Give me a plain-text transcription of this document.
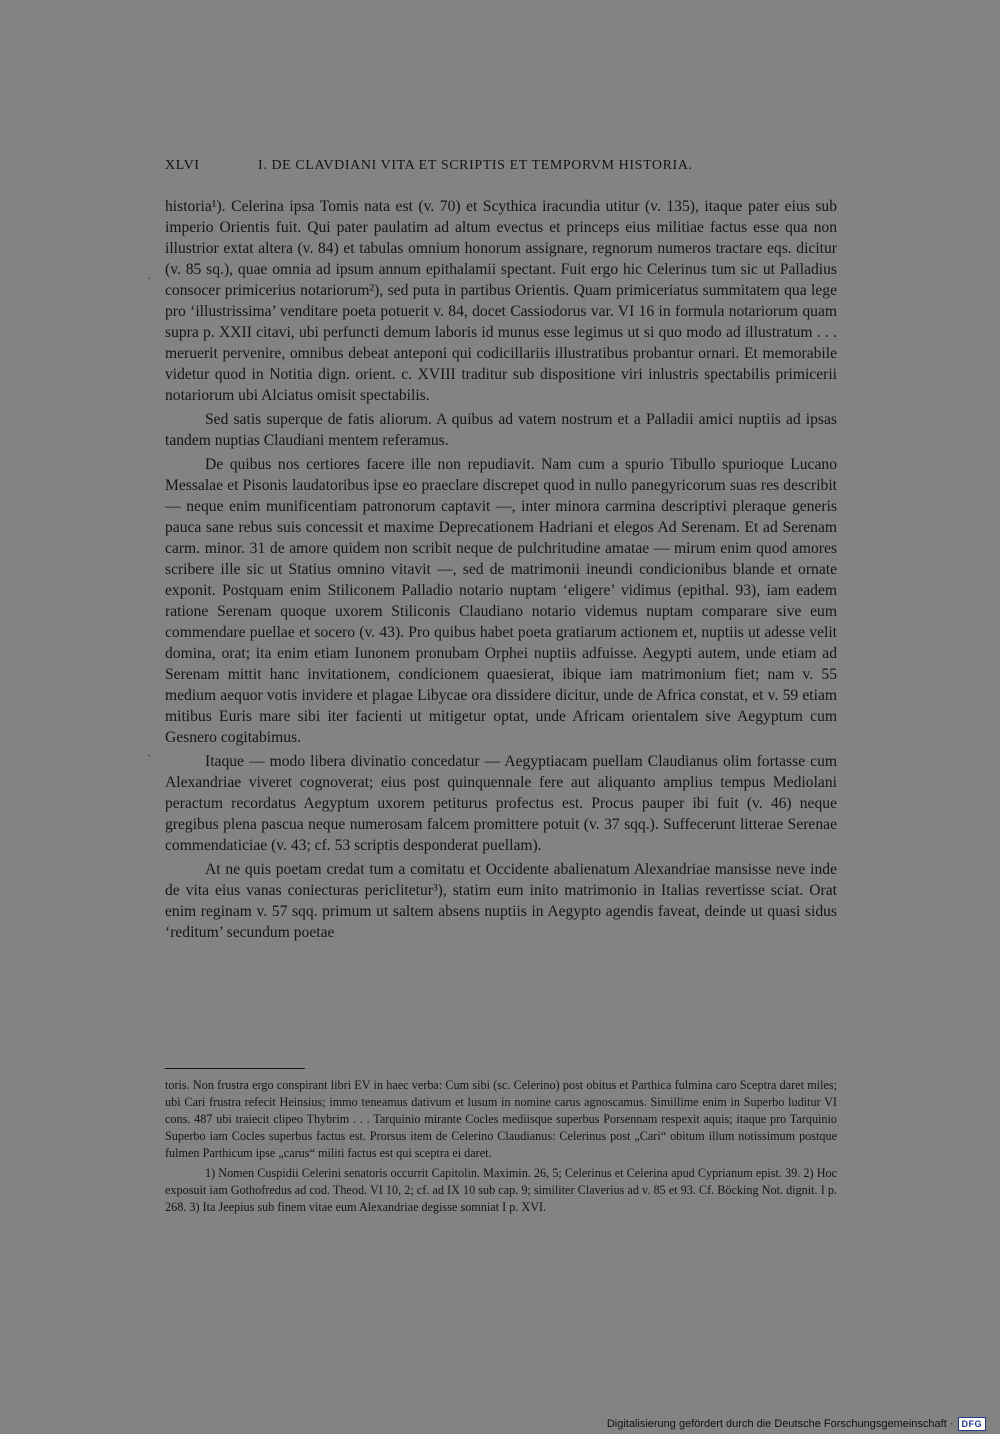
XLVI	I. DE CLAVDIANI VITA ET SCRIPTIS ET TEMPORVM HISTORIA.
ˎ
ˋ

historia¹). Celerina ipsa Tomis nata est (v. 70) et Scythica iracundia utitur (v. 135), itaque pater eius sub imperio Orientis fuit. Qui pater paulatim ad altum evectus et princeps eius militiae factus esse qua non illustrior extat altera (v. 84) et tabulas omnium honorum assignare, regnorum numeros tractare eqs. dicitur (v. 85 sq.), quae omnia ad ipsum annum epithalamii spectant. Fuit ergo hic Celerinus tum sic ut Palladius consocer primicerius notariorum²), sed puta in partibus Orientis. Quam primiceriatus summitatem qua lege pro ‘illustrissima’ venditare poeta potuerit v. 84, docet Cassiodorus var. VI 16 in formula notariorum quam supra p. XXII citavi, ubi perfuncti demum laboris id munus esse legimus ut si quo modo ad illustratum . . . meruerit pervenire, omnibus debeat anteponi qui codicillariis illustratibus probantur ornari. Et memorabile videtur quod in Notitia dign. orient. c. XVIII traditur sub dispositione viri inlustris spectabilis primicerii notariorum ubi Alciatus omisit spectabilis.

Sed satis superque de fatis aliorum. A quibus ad vatem nostrum et a Palladii amici nuptiis ad ipsas tandem nuptias Claudiani mentem referamus.

De quibus nos certiores facere ille non repudiavit. Nam cum a spurio Tibullo spurioque Lucano Messalae et Pisonis laudatoribus ipse eo praeclare discrepet quod in nullo panegyricorum suas res describit — neque enim munificentiam patronorum captavit —, inter minora carmina descriptivi pleraque generis pauca sane rebus suis concessit et maxime Deprecationem Hadriani et elegos Ad Serenam. Et ad Serenam carm. minor. 31 de amore quidem non scribit neque de pulchritudine amatae — mirum enim quod amores scribere ille sic ut Statius omnino vitavit —, sed de matrimonii ineundi condicionibus blande et ornate exponit. Postquam enim Stiliconem Palladio notario nuptam ‘eligere’ vidimus (epithal. 93), iam eadem ratione Serenam quoque uxorem Stiliconis Claudiano notario videmus nuptam comparare sive eum commendare puellae et socero (v. 43). Pro quibus habet poeta gratiarum actionem et, nuptiis ut adesse velit domina, orat; ita enim etiam Iunonem pronubam Orphei nuptiis adfuisse. Aegypti autem, unde etiam ad Serenam mittit hanc invitationem, condicionem quaesierat, ibique iam matrimonium fiet; nam v. 55 medium aequor votis invidere et plagae Libycae ora dissidere dicitur, unde de Africa constat, et v. 59 etiam mitibus Euris mare sibi iter facienti ut mitigetur optat, unde Africam orientalem sive Aegyptum cum Gesnero cogitabimus.

Itaque — modo libera divinatio concedatur — Aegyptiacam puellam Claudianus olim fortasse cum Alexandriae viveret cognoverat; eius post quinquennale fere aut aliquanto amplius tempus Mediolani peractum recordatus Aegyptum uxorem petiturus profectus est. Procus pauper ibi fuit (v. 46) neque gregibus plena pascua neque numerosam falcem promittere potuit (v. 37 sqq.). Suffecerunt litterae Serenae commendaticiae (v. 43; cf. 53 scriptis desponderat puellam).

At ne quis poetam credat tum a comitatu et Occidente abalienatum Alexandriae mansisse neve inde de vita eius vanas coniecturas periclitetur³), statim eum inito matrimonio in Italias revertisse sciat. Orat enim reginam v. 57 sqq. primum ut saltem absens nuptiis in Aegypto agendis faveat, deinde ut quasi sidus ‘reditum’ secundum poetae

toris. Non frustra ergo conspirant libri EV in haec verba: Cum sibi (sc. Celerino) post obitus et Parthica fulmina caro Sceptra daret miles; ubi Cari frustra refecit Heinsius; immo teneamus dativum et lusum in nomine carus agnoscamus. Simillime enim in Superbo luditur VI cons. 487 ubi traiecit clipeo Thybrim . . . Tarquinio mirante Cocles mediisque superbus Porsennam respexit aquis; itaque pro Tarquinio Superbo iam Cocles superbus factus est. Prorsus item de Celerino Claudianus: Celerinus post „Cari“ obitum illum notissimum postque fulmen Parthicum ipse „carus“ militi factus est qui sceptra ei daret.

1) Nomen Cuspidii Celerini senatoris occurrit Capitolin. Maximin. 26, 5; Celerinus et Celerina apud Cyprianum epist. 39. 2) Hoc exposuit iam Gothofredus ad cod. Theod. VI 10, 2; cf. ad IX 10 sub cap. 9; similiter Claverius ad v. 85 et 93. Cf. Böcking Not. dignit. I p. 268. 3) Ita Jeepius sub finem vitae eum Alexandriae degisse somniat I p. XVI.

Digitalisierung gefördert durch die Deutsche Forschungsgemeinschaft · DFG
